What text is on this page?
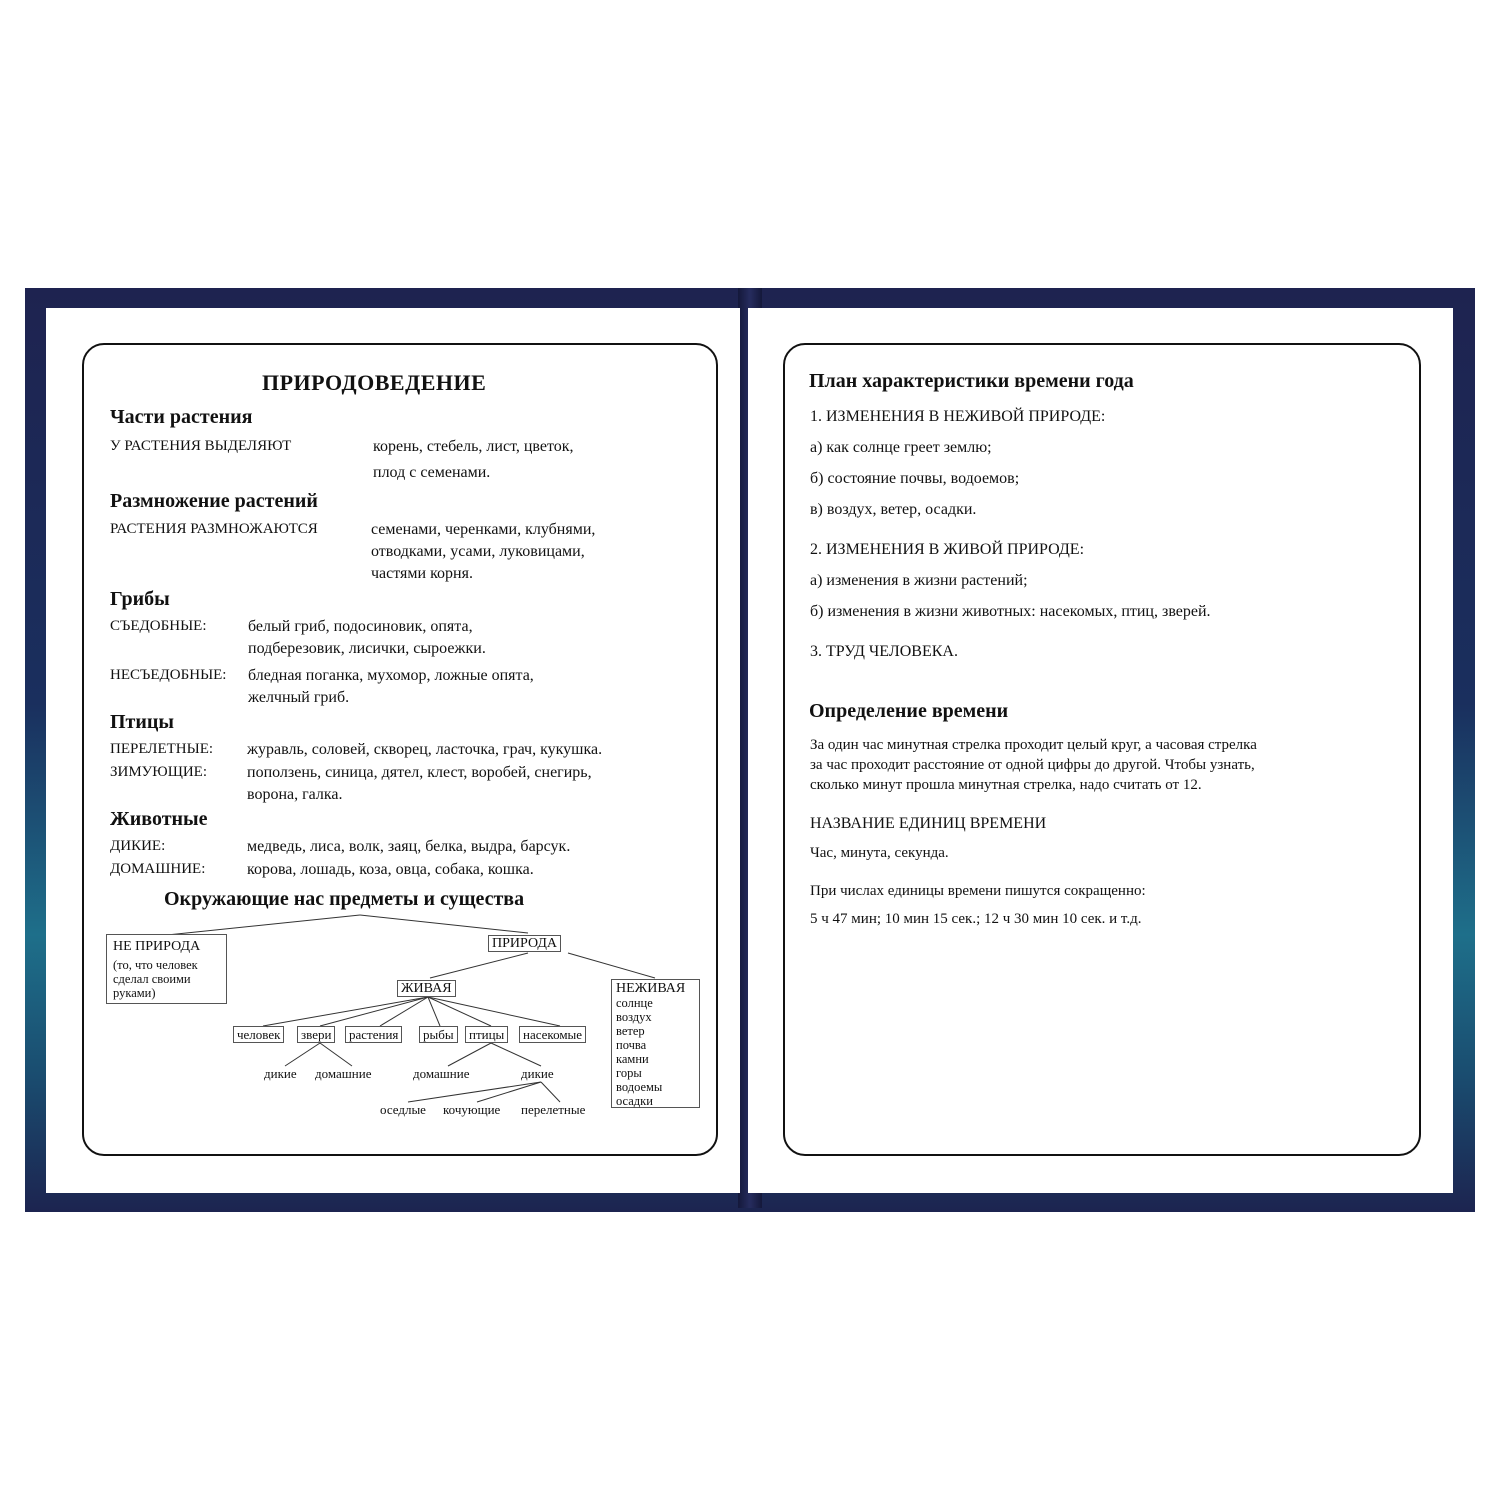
ПРИРОДОВЕДЕНИЕ
Части растения
У РАСТЕНИЯ ВЫДЕЛЯЮТ	корень, стебель, лист, цветок,
плод с семенами.
Размножение растений
РАСТЕНИЯ РАЗМНОЖАЮТСЯ	семенами, черенками, клубнями,
отводками, усами, луковицами,
частями корня.
Грибы
СЪЕДОБНЫЕ:	белый гриб, подосиновик, опята,
подберезовик, лисички, сыроежки.
НЕСЪЕДОБНЫЕ: бледная поганка, мухомор, ложные опята,
желчный гриб.
Птицы
ПЕРЕЛЕТНЫЕ: журавль, соловей, скворец, ласточка, грач, кукушка.
ЗИМУЮЩИЕ: поползень, синица, дятел, клест, воробей, снегирь,
ворона, галка.
Животные
ДИКИЕ:	медведь, лиса, волк, заяц, белка, выдра, барсук.
ДОМАШНИЕ:	корова, лошадь, коза, овца, собака, кошка.
Окружающие нас предметы и существа
НЕ ПРИРОДА
(то, что человек
сделал своими
руками)
ПРИРОДА
ЖИВАЯ	НЕЖИВАЯ
солнце
воздух
ветер
почва
камни
горы
водоемы
осадки
человек	звери	растения	рыбы	птицы	насекомые
дикие домашние	домашние	дикие
оседлые кочующие перелетные
План характеристики времени года
1. ИЗМЕНЕНИЯ В НЕЖИВОЙ ПРИРОДЕ:
а) как солнце греет землю;
б) состояние почвы, водоемов;
в) воздух, ветер, осадки.
2. ИЗМЕНЕНИЯ В ЖИВОЙ ПРИРОДЕ:
а) изменения в жизни растений;
б) изменения в жизни животных: насекомых, птиц, зверей.
3. ТРУД ЧЕЛОВЕКА.
Определение времени
За один час минутная стрелка проходит целый круг, а часовая стрелка
за час проходит расстояние от одной цифры до другой. Чтобы узнать,
сколько минут прошла минутная стрелка, надо считать от 12.
НАЗВАНИЕ ЕДИНИЦ ВРЕМЕНИ
Час, минута, секунда.
При числах единицы времени пишутся сокращенно:
5 ч 47 мин; 10 мин 15 сек.; 12 ч 30 мин 10 сек. и т.д.
